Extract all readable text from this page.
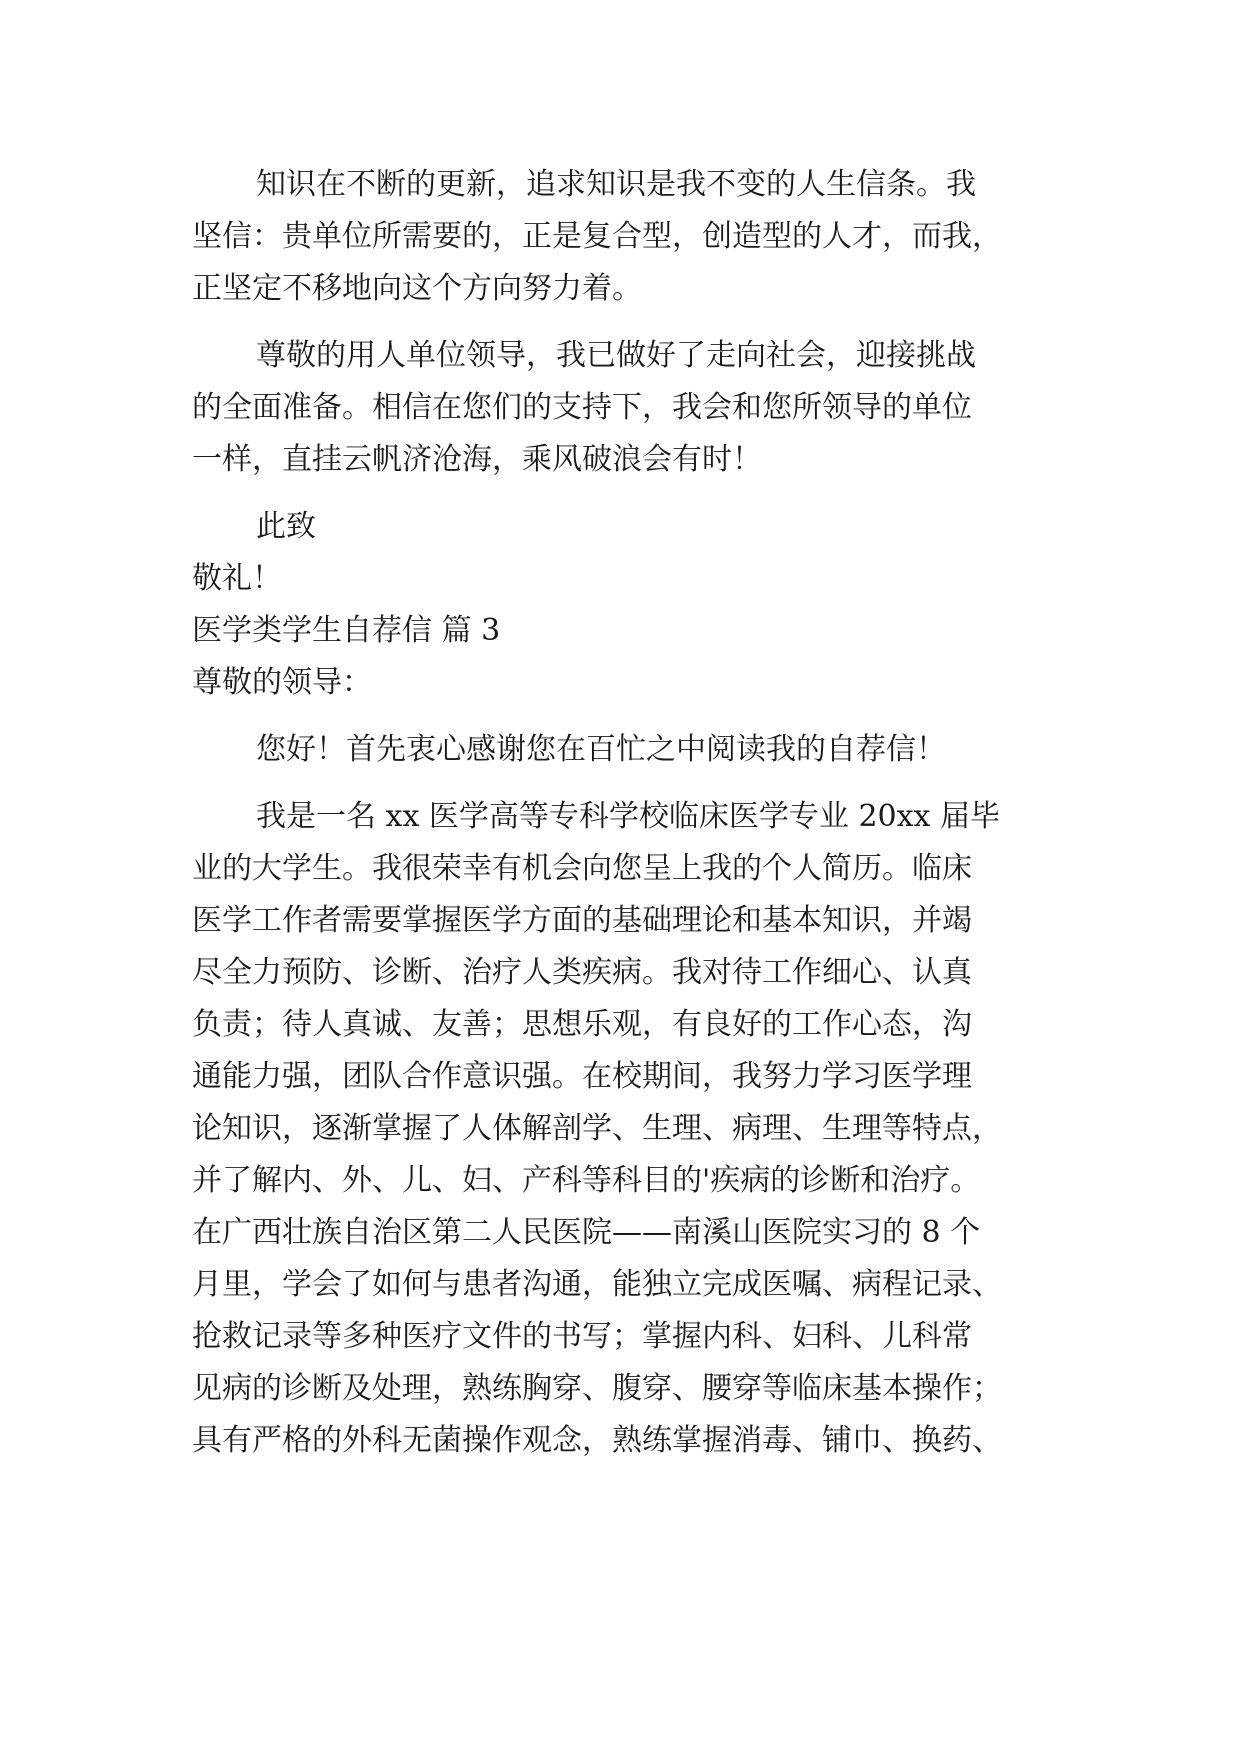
知识在不断的更新，追求知识是我不变的人生信条。我
坚信：贵单位所需要的，正是复合型，创造型的人才，而我，
正坚定不移地向这个方向努力着。
尊敬的用人单位领导，我已做好了走向社会，迎接挑战
的全面准备。相信在您们的支持下，我会和您所领导的单位
一样，直挂云帆济沧海，乘风破浪会有时！
此致
敬礼！
医学类学生自荐信 篇 3
尊敬的领导：
您好！首先衷心感谢您在百忙之中阅读我的自荐信！
我是一名 xx 医学高等专科学校临床医学专业 20xx 届毕
业的大学生。我很荣幸有机会向您呈上我的个人简历。临床
医学工作者需要掌握医学方面的基础理论和基本知识，并竭
尽全力预防、诊断、治疗人类疾病。我对待工作细心、认真
负责；待人真诚、友善；思想乐观，有良好的工作心态，沟
通能力强，团队合作意识强。在校期间，我努力学习医学理
论知识，逐渐掌握了人体解剖学、生理、病理、生理等特点，
并了解内、外、儿、妇、产科等科目的'疾病的诊断和治疗。
在广西壮族自治区第二人民医院——南溪山医院实习的 8 个
月里，学会了如何与患者沟通，能独立完成医嘱、病程记录、
抢救记录等多种医疗文件的书写；掌握内科、妇科、儿科常
见病的诊断及处理，熟练胸穿、腹穿、腰穿等临床基本操作；
具有严格的外科无菌操作观念，熟练掌握消毒、铺巾、换药、
